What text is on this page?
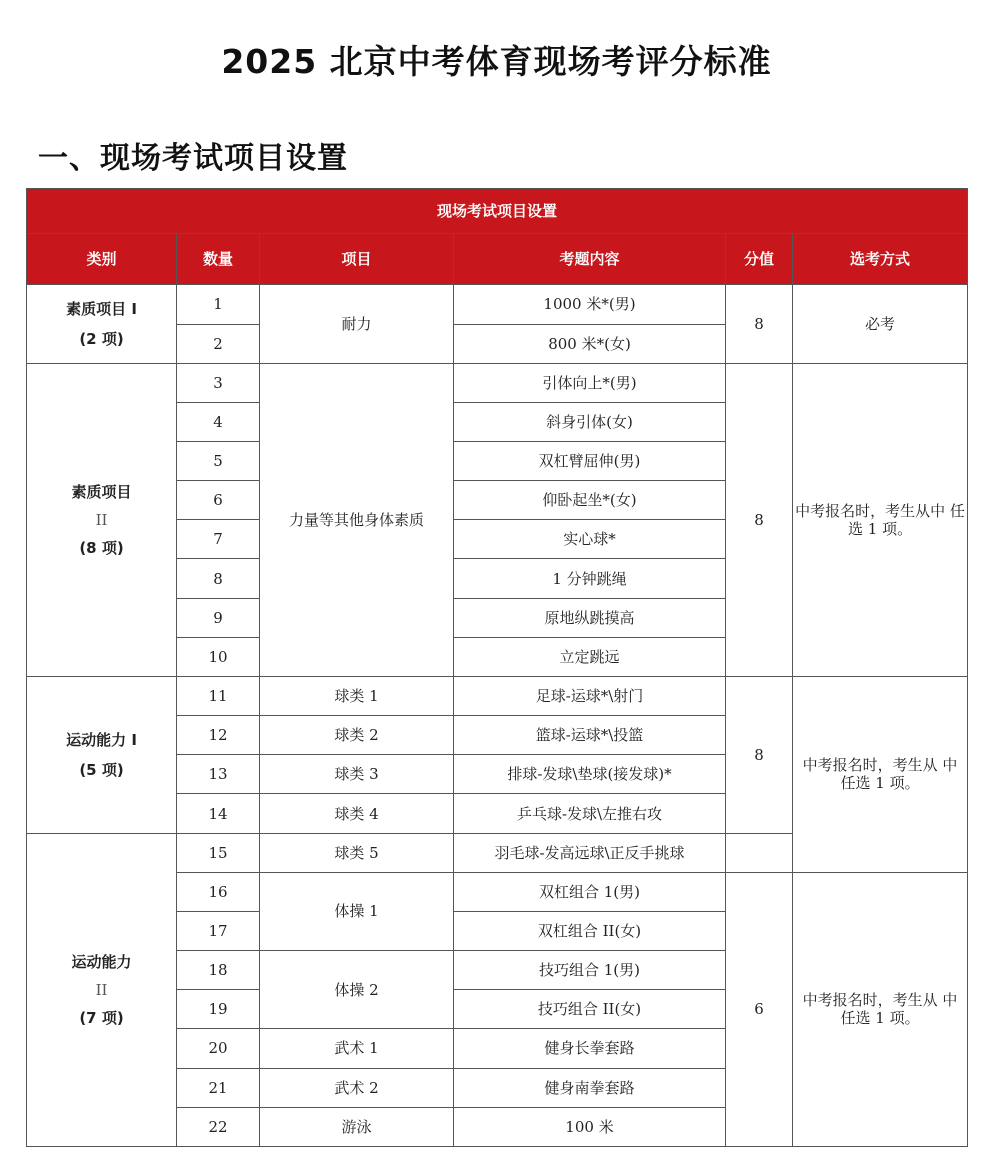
2025 北京中考体育现场考评分标准
一、现场考试项目设置
现场考试项目设置					
类别	数量	项目	考题内容	分值	选考方式

素质项目 I
(2 项)	1	耐力	1000 米*(男)	8	必考
	2		800 米*(女)		

素质项目
II
(8 项)	3	力量等其他身体素质	引体向上*(男)	8	中考报名时，考生从中 任选 1 项。
	4		斜身引体(女)		
	5		双杠臂屈伸(男)		
	6		仰卧起坐*(女)		
	7		实心球*		
	8		1 分钟跳绳		
	9		原地纵跳摸高		
	10		立定跳远		

运动能力 I
(5 项)	11	球类 1	足球-运球*\射门	8	中考报名时，考生从 中 任选 1 项。
	12	球类 2	篮球-运球*\投篮		
	13	球类 3	排球-发球\垫球(接发球)*		
	14	球类 4	乒乓球-发球\左推右攻		

运动能力
II
(7 项)	15	球类 5	羽毛球-发高远球\正反手挑球		
	16	体操 1	双杠组合 1(男)	6	中考报名时，考生从 中 任选 1 项。
	17		双杠组合 II(女)		
	18	体操 2	技巧组合 1(男)		
	19		技巧组合 II(女)		
	20	武术 1	健身长拳套路		
	21	武术 2	健身南拳套路		
	22	游泳	100 米		
